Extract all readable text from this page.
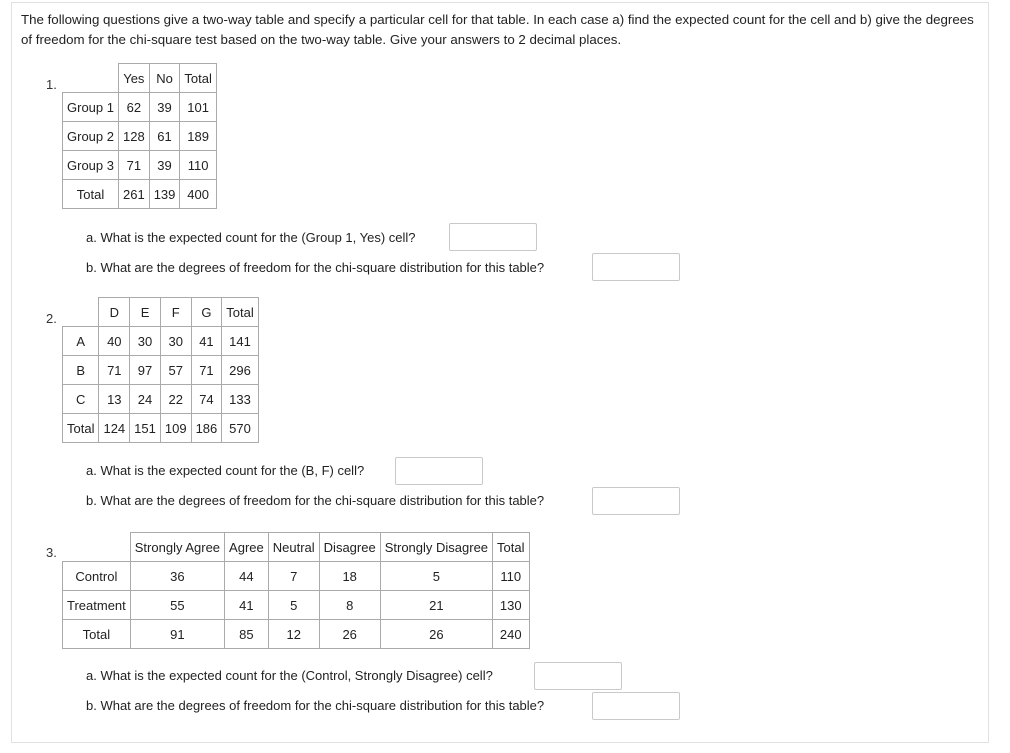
The following questions give a two-way table and specify a particular cell for that table. In each case a) find the expected count for the cell and b) give the degrees of freedom for the chi-square test based on the two-way table. Give your answers to 2 decimal places.
1.
		Yes	No	Total
Group 1	62	39	101
Group 2	128	61	189
Group 3	71	39	110
Total	261	139	400
a. What is the expected count for the (Group 1, Yes) cell?
b. What are the degrees of freedom for the chi-square distribution for this table?
2.
		D	E	F	G	Total
A	40	30	30	41	141
B	71	97	57	71	296
C	13	24	22	74	133
Total	124	151	109	186	570
a. What is the expected count for the (B, F) cell?
b. What are the degrees of freedom for the chi-square distribution for this table?
3.
		Strongly Agree	Agree	Neutral	Disagree	Strongly Disagree	Total
Control	36	44	7	18	5	110
Treatment	55	41	5	8	21	130
Total	91	85	12	26	26	240
a. What is the expected count for the (Control, Strongly Disagree) cell?
b. What are the degrees of freedom for the chi-square distribution for this table?
